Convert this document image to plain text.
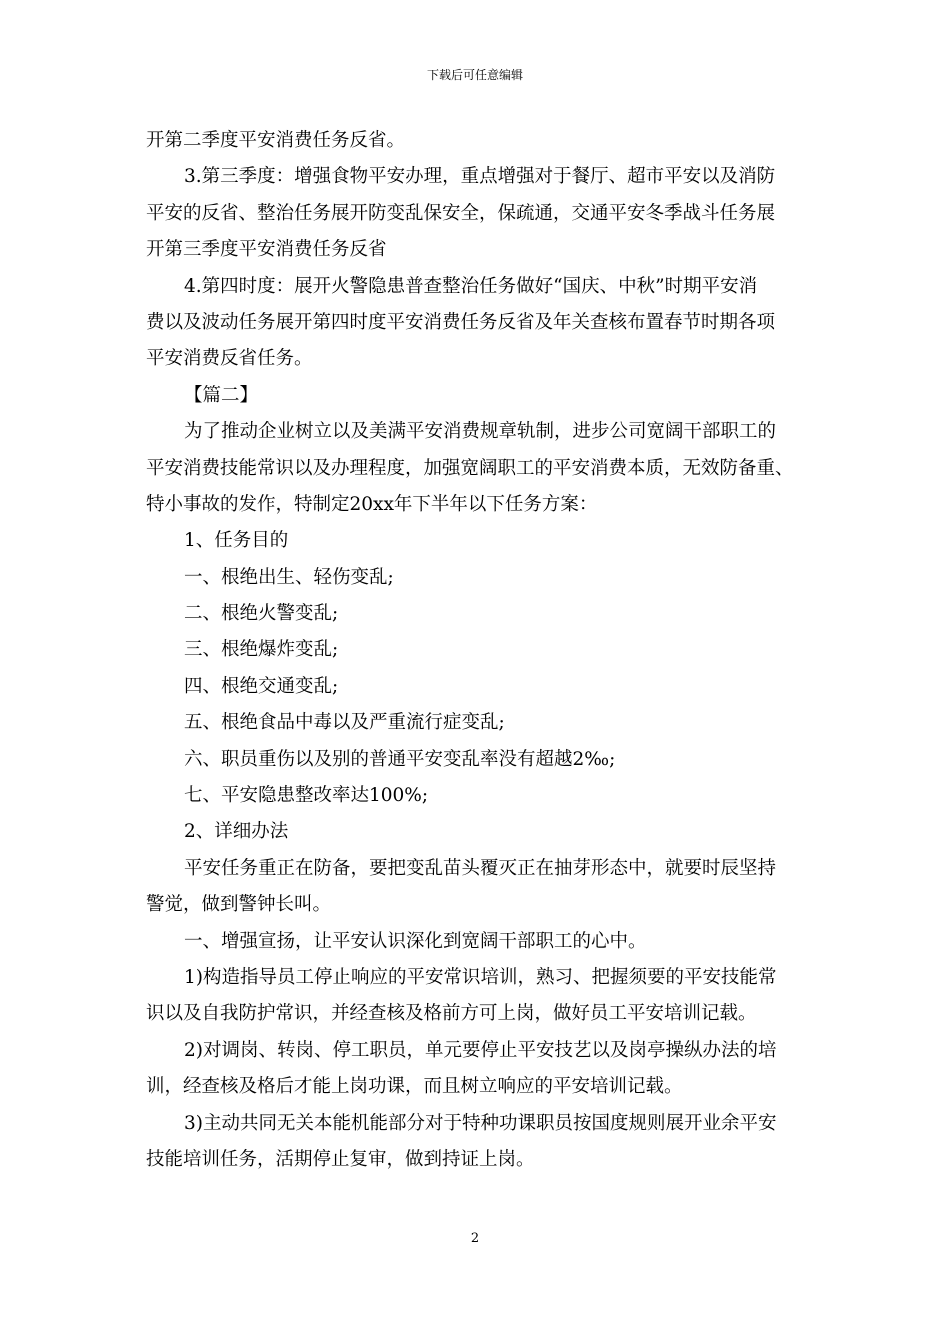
下载后可任意编辑
开第二季度平安消费任务反省。
3.第三季度：增强食物平安办理，重点增强对于餐厅、超市平安以及消防
平安的反省、整治任务展开防变乱保安全，保疏通，交通平安冬季战斗任务展
开第三季度平安消费任务反省
4.第四时度：展开火警隐患普查整治任务做好“国庆、中秋”时期平安消
费以及波动任务展开第四时度平安消费任务反省及年关查核布置春节时期各项
平安消费反省任务。
【篇二】
为了推动企业树立以及美满平安消费规章轨制，进步公司宽阔干部职工的
平安消费技能常识以及办理程度，加强宽阔职工的平安消费本质，无效防备重、
特小事故的发作，特制定20xx年下半年以下任务方案：
1、任务目的
一、根绝出生、轻伤变乱;
二、根绝火警变乱;
三、根绝爆炸变乱;
四、根绝交通变乱;
五、根绝食品中毒以及严重流行症变乱;
六、职员重伤以及别的普通平安变乱率没有超越2‰;
七、平安隐患整改率达100%;
2、详细办法
平安任务重正在防备，要把变乱苗头覆灭正在抽芽形态中，就要时辰坚持
警觉，做到警钟长叫。
一、增强宣扬，让平安认识深化到宽阔干部职工的心中。
1)构造指导员工停止响应的平安常识培训，熟习、把握须要的平安技能常
识以及自我防护常识，并经查核及格前方可上岗，做好员工平安培训记载。
2)对调岗、转岗、停工职员，单元要停止平安技艺以及岗亭操纵办法的培
训，经查核及格后才能上岗功课，而且树立响应的平安培训记载。
3)主动共同无关本能机能部分对于特种功课职员按国度规则展开业余平安
技能培训任务，活期停止复审，做到持证上岗。
2
